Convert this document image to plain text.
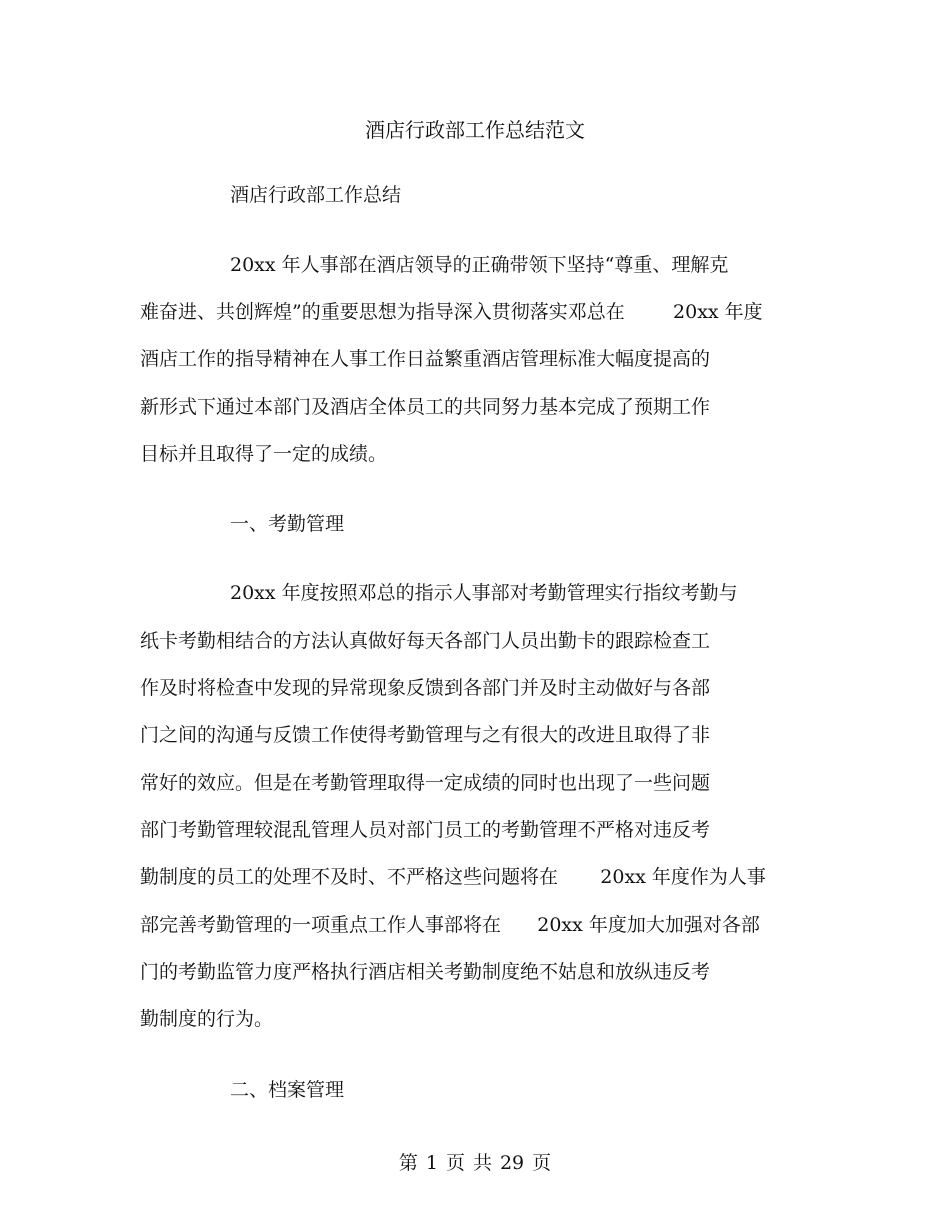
酒店行政部工作总结范文
酒店行政部工作总结
20xx 年人事部在酒店领导的正确带领下坚持“尊重、理解克
难奋进、共创辉煌”的重要思想为指导深入贯彻落实邓总在        20xx 年度
酒店工作的指导精神在人事工作日益繁重酒店管理标准大幅度提高的
新形式下通过本部门及酒店全体员工的共同努力基本完成了预期工作
目标并且取得了一定的成绩。
一、考勤管理
20xx 年度按照邓总的指示人事部对考勤管理实行指纹考勤与
纸卡考勤相结合的方法认真做好每天各部门人员出勤卡的跟踪检查工
作及时将检查中发现的异常现象反馈到各部门并及时主动做好与各部
门之间的沟通与反馈工作使得考勤管理与之有很大的改进且取得了非
常好的效应。但是在考勤管理取得一定成绩的同时也出现了一些问题
部门考勤管理较混乱管理人员对部门员工的考勤管理不严格对违反考
勤制度的员工的处理不及时、不严格这些问题将在       20xx 年度作为人事
部完善考勤管理的一项重点工作人事部将在      20xx 年度加大加强对各部
门的考勤监管力度严格执行酒店相关考勤制度绝不姑息和放纵违反考
勤制度的行为。
二、档案管理
第 1 页 共 29 页
